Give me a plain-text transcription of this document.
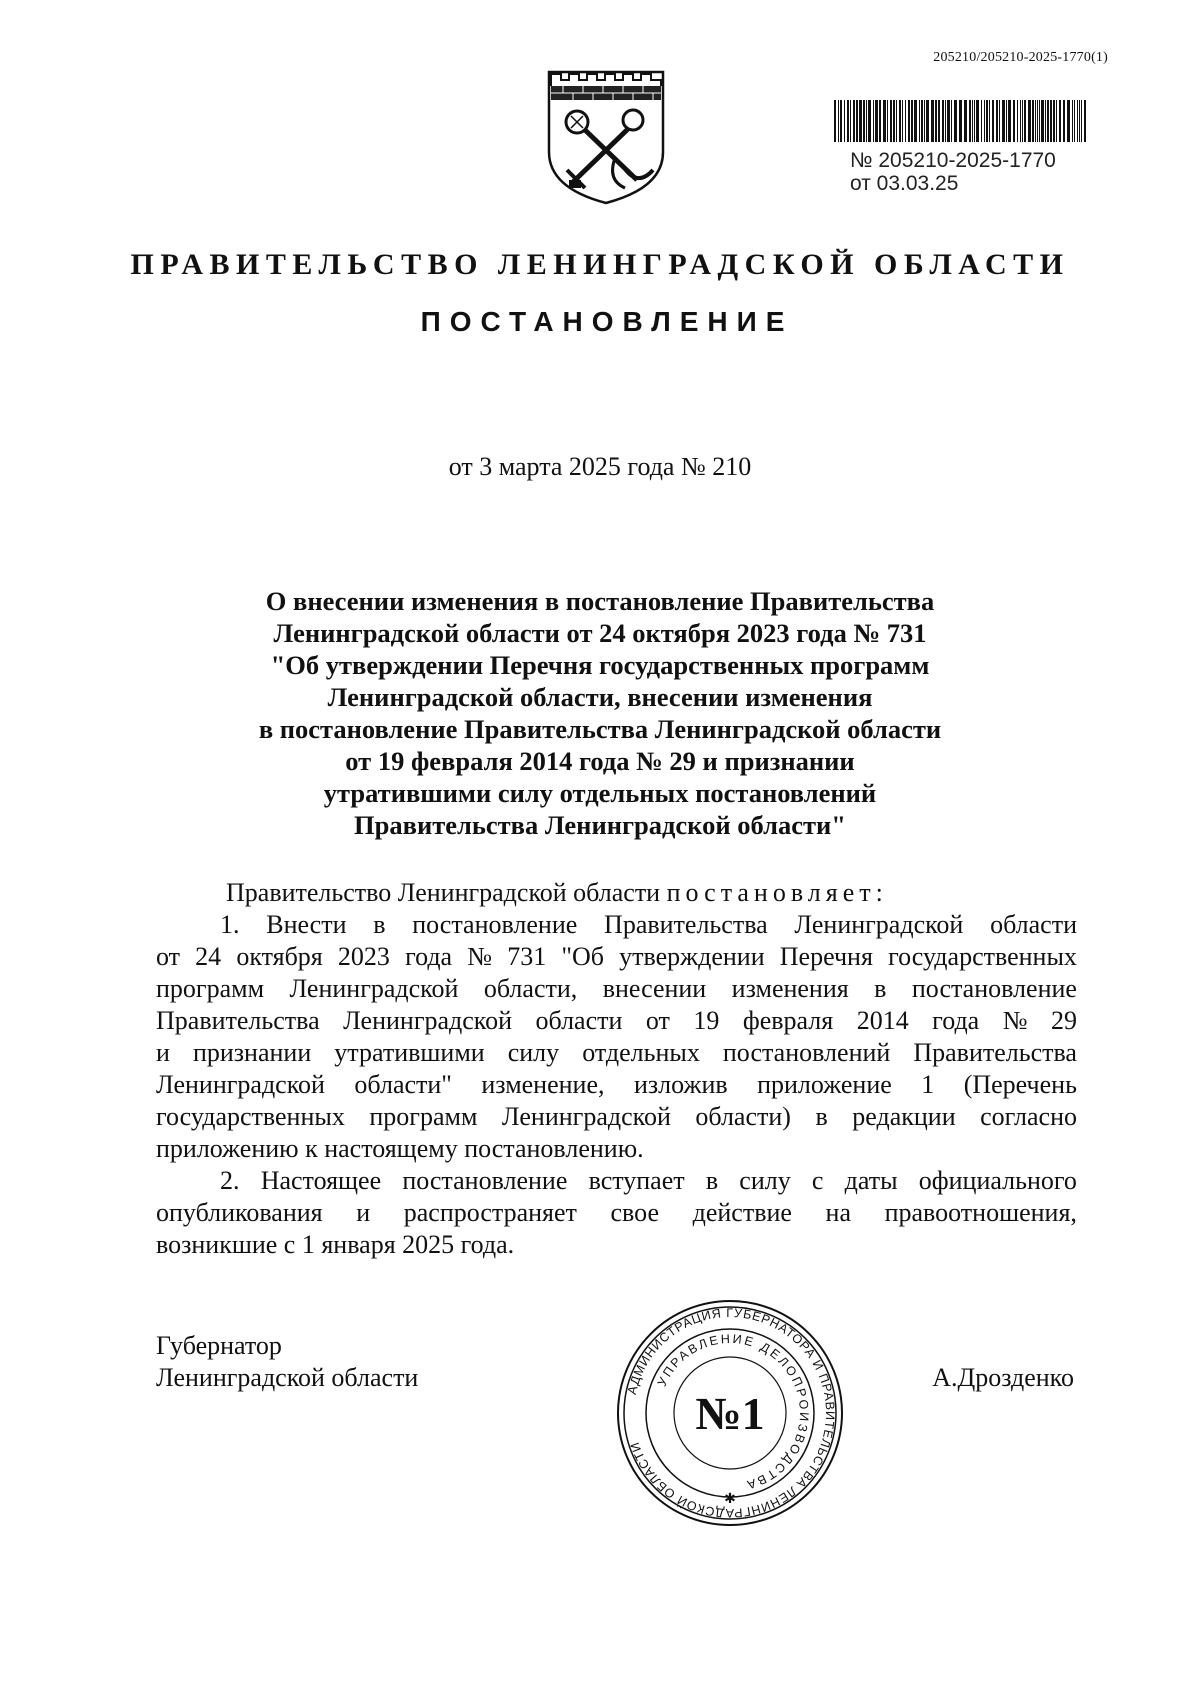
205210/205210-2025-1770(1)
№ 205210-2025-1770
от 03.03.25
ПРАВИТЕЛЬСТВО ЛЕНИНГРАДСКОЙ ОБЛАСТИ
ПОСТАНОВЛЕНИЕ
от 3 марта 2025 года № 210
О внесении изменения в постановление Правительства
Ленинградской области от 24 октября 2023 года № 731
"Об утверждении Перечня государственных программ
Ленинградской области, внесении изменения
в постановление Правительства Ленинградской области
от 19 февраля 2014 года № 29 и признании
утратившими силу отдельных постановлений
Правительства Ленинградской области"
Правительство Ленинградской области постановляет:
1. Внести в постановление Правительства Ленинградской области
от 24 октября 2023 года № 731 "Об утверждении Перечня государственных
программ Ленинградской области, внесении изменения в постановление
Правительства Ленинградской области от 19 февраля 2014 года № 29
и признании утратившими силу отдельных постановлений Правительства
Ленинградской области" изменение, изложив приложение 1 (Перечень
государственных программ Ленинградской области) в редакции согласно
приложению к настоящему постановлению.
2. Настоящее постановление вступает в силу с даты официального
опубликования и распространяет свое действие на правоотношения,
возникшие с 1 января 2025 года.
Губернатор
Ленинградской области	А.Дрозденко
АДМИНИСТРАЦИЯ ГУБЕРНАТОРА И ПРАВИТЕЛЬСТВА ЛЕНИНГРАДСКОЙ ОБЛАСТИ
УПРАВЛЕНИЕ ДЕЛОПРОИЗВОДСТВА
№1
✱
